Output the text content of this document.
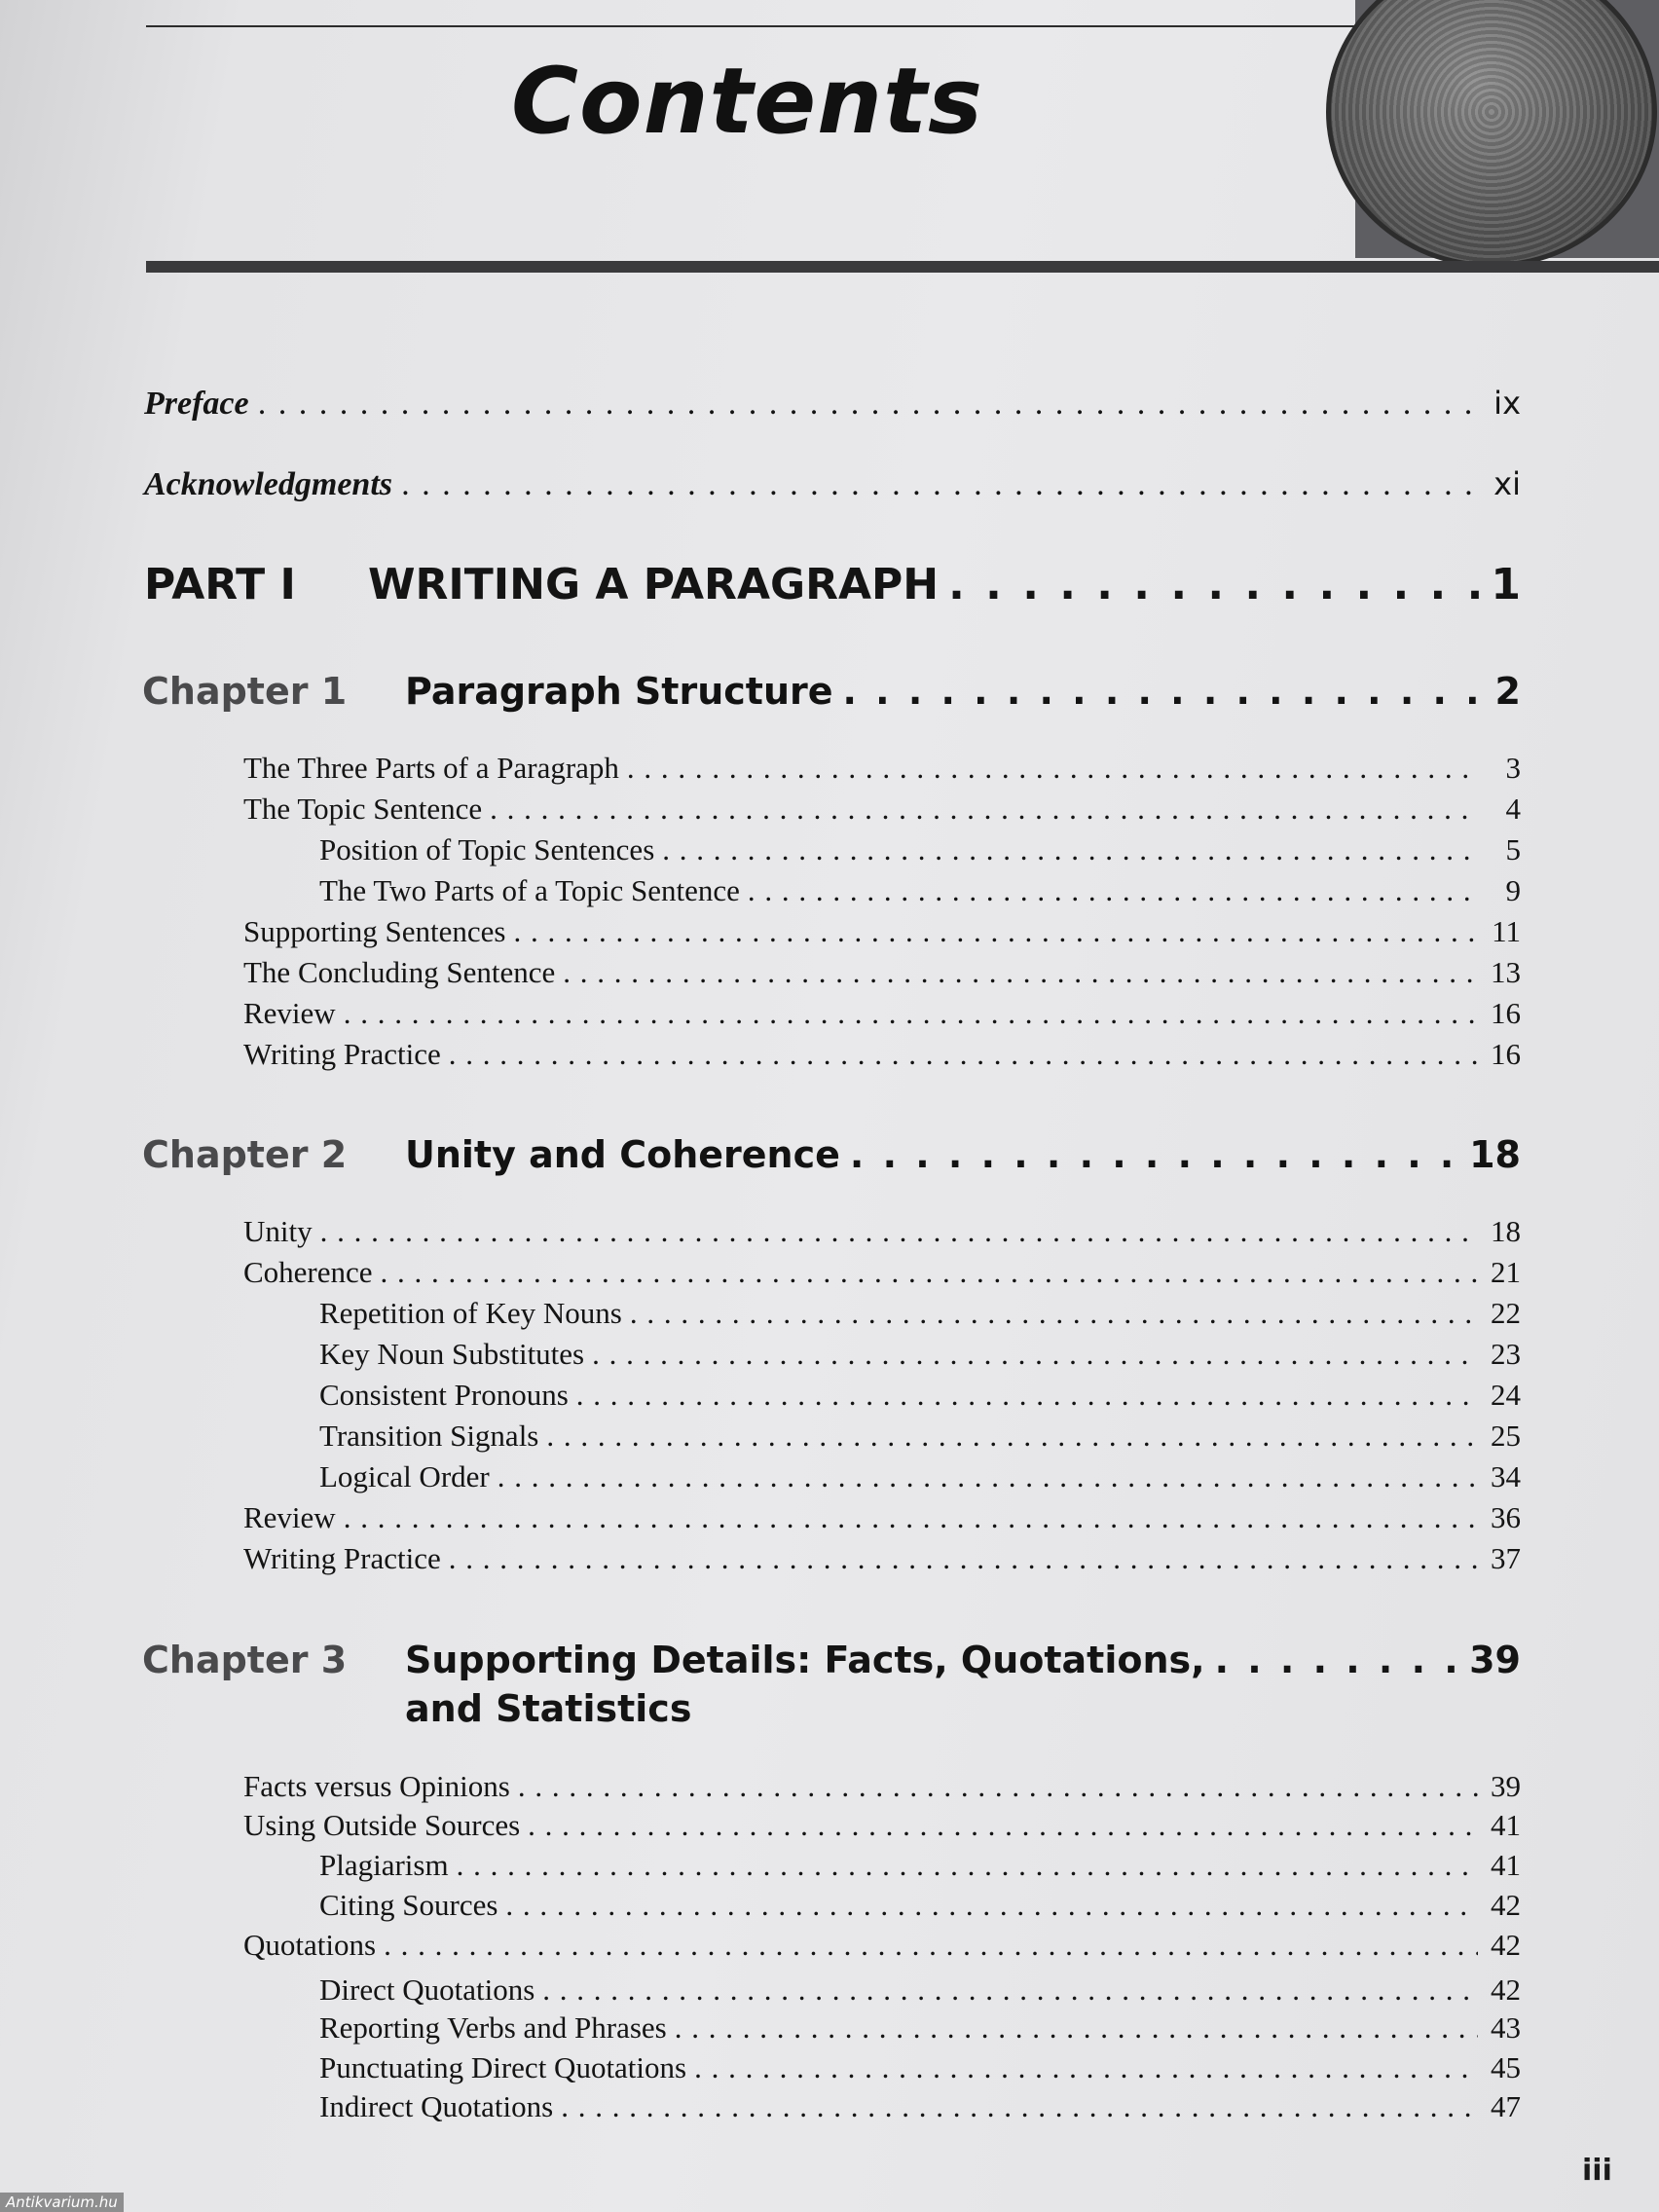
Contents
Preface . . .	ix
Acknowledgments . . .	xi
PART I	WRITING A PARAGRAPH . . .	1
Chapter 1	Paragraph Structure . . .	2
The Three Parts of a Paragraph . . .	3
The Topic Sentence . . .	4
Position of Topic Sentences . . .	5
The Two Parts of a Topic Sentence . . .	9
Supporting Sentences . . .	11
The Concluding Sentence . . .	13
Review . . .	16
Writing Practice . . .	16
Chapter 2	Unity and Coherence . . .	18
Unity . . .	18
Coherence . . .	21
Repetition of Key Nouns . . .	22
Key Noun Substitutes . . .	23
Consistent Pronouns . . .	24
Transition Signals . . .	25
Logical Order . . .	34
Review . . .	36
Writing Practice . . .	37
Chapter 3	Supporting Details: Facts, Quotations, . . .	39
and Statistics
Facts versus Opinions . . .	39
Using Outside Sources . . .	41
Plagiarism . . .	41
Citing Sources . . .	42
Quotations . . .	42
Direct Quotations . . .	42
Reporting Verbs and Phrases . . .	43
Punctuating Direct Quotations . . .	45
Indirect Quotations . . .	47
iii
Antikvarium.hu
